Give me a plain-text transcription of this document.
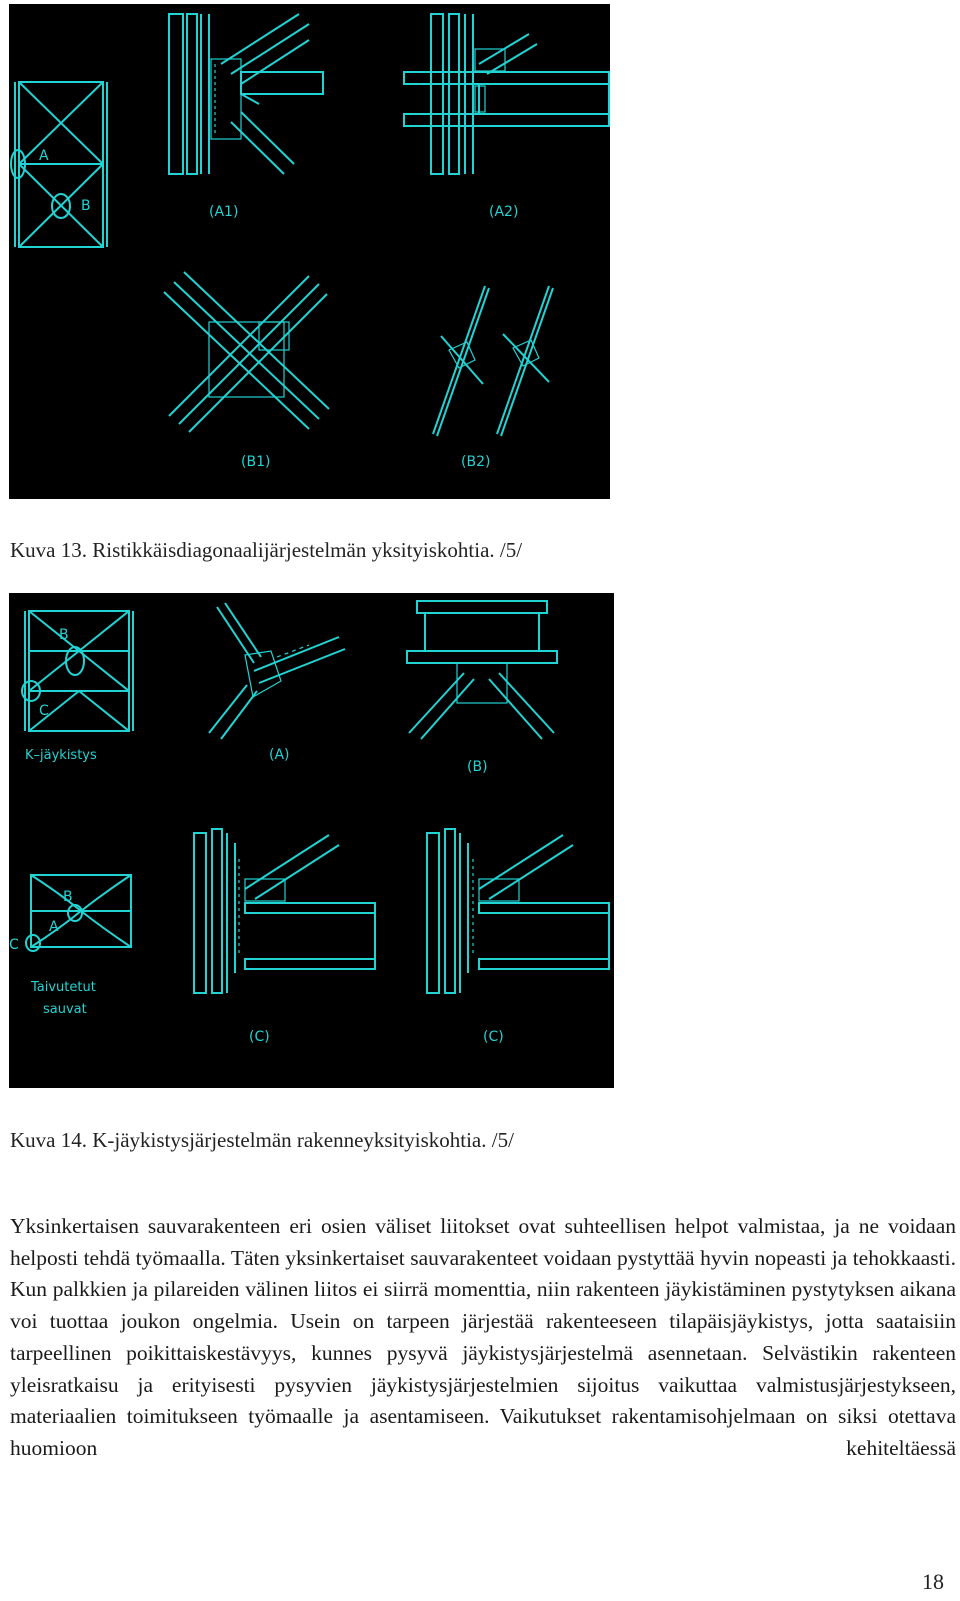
A
B	(A1)	(A2)
(B1)	(B2)
Kuva 13. Ristikkäisdiagonaalijärjestelmän yksityiskohtia. /5/
B
C
K–jäykistys	(A)
(B)
B
A
C
Taivutetut
sauvat
(C)	(C)
Kuva 14. K-jäykistysjärjestelmän rakenneyksityiskohtia. /5/

Yksinkertaisen sauvarakenteen eri osien väliset liitokset ovat suhteellisen helpot valmistaa, ja ne voidaan helposti tehdä työmaalla. Täten yksinkertaiset sauvarakenteet voidaan pystyttää hyvin nopeasti ja tehokkaasti. Kun palkkien ja pilareiden välinen liitos ei siirrä momenttia, niin rakenteen jäykistäminen pystytyksen aikana voi tuottaa joukon ongelmia. Usein on tarpeen järjestää rakenteeseen tilapäisjäykistys, jotta saataisiin tarpeellinen poikittaiskestävyys, kunnes pysyvä jäykistysjärjestelmä asennetaan. Selvästikin rakenteen yleisratkaisu ja erityisesti pysyvien jäykistysjärjestelmien sijoitus vaikuttaa valmistusjärjestykseen, materiaalien toimitukseen työmaalle ja asentamiseen. Vaikutukset rakentamisohjelmaan on siksi otettava huomioon kehiteltäessä

18
